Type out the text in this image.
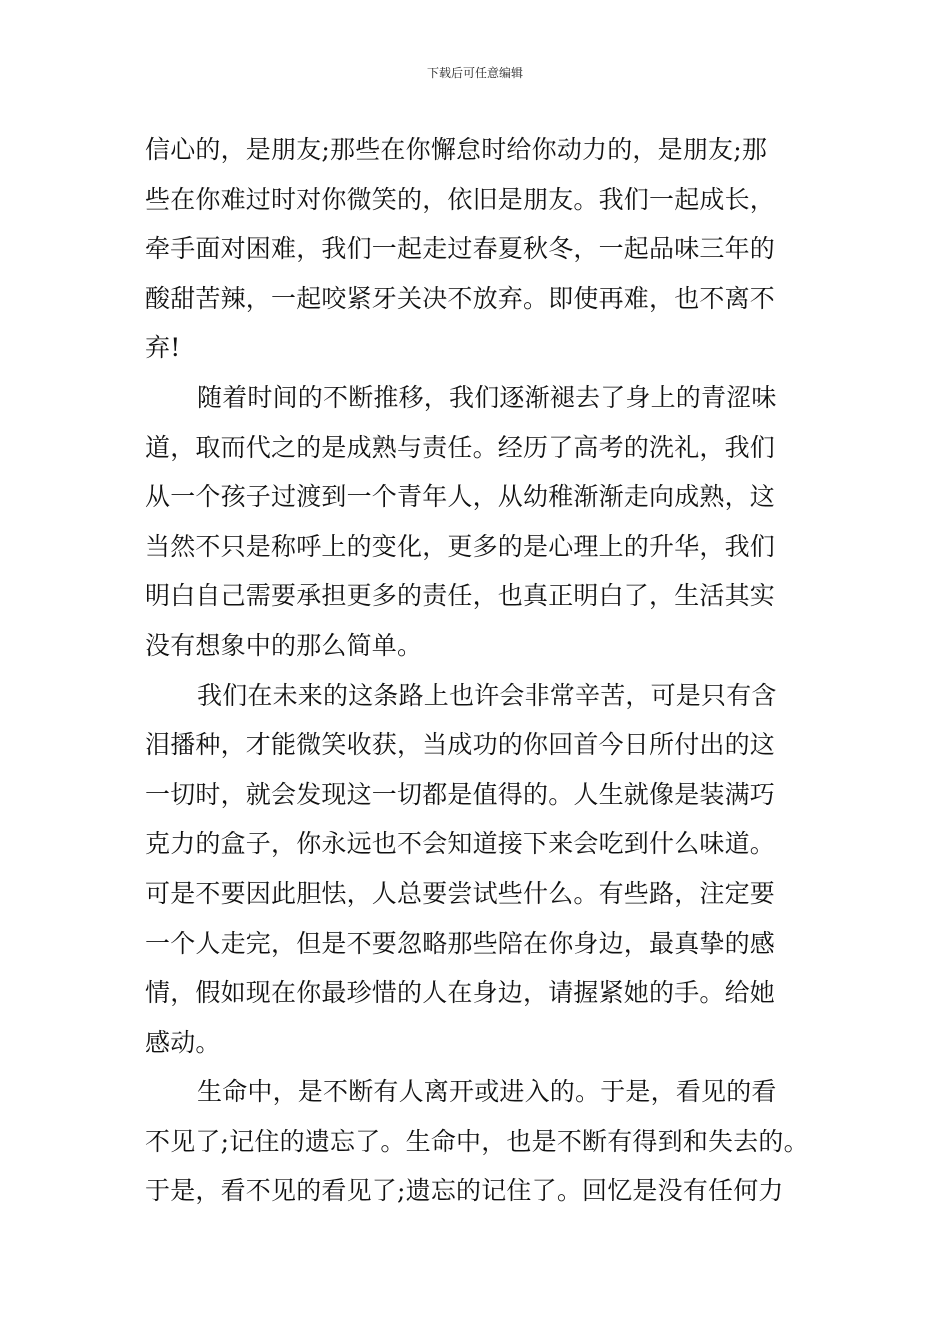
下载后可任意编辑
信心的，是朋友;那些在你懈怠时给你动力的，是朋友;那
些在你难过时对你微笑的，依旧是朋友。我们一起成长，
牵手面对困难，我们一起走过春夏秋冬，一起品味三年的
酸甜苦辣，一起咬紧牙关决不放弃。即使再难，也不离不
弃!
随着时间的不断推移，我们逐渐褪去了身上的青涩味
道，取而代之的是成熟与责任。经历了高考的洗礼，我们
从一个孩子过渡到一个青年人，从幼稚渐渐走向成熟，这
当然不只是称呼上的变化，更多的是心理上的升华，我们
明白自己需要承担更多的责任，也真正明白了，生活其实
没有想象中的那么简单。
我们在未来的这条路上也许会非常辛苦，可是只有含
泪播种，才能微笑收获，当成功的你回首今日所付出的这
一切时，就会发现这一切都是值得的。人生就像是装满巧
克力的盒子，你永远也不会知道接下来会吃到什么味道。
可是不要因此胆怯，人总要尝试些什么。有些路，注定要
一个人走完，但是不要忽略那些陪在你身边，最真挚的感
情，假如现在你最珍惜的人在身边，请握紧她的手。给她
感动。
生命中，是不断有人离开或进入的。于是，看见的看
不见了;记住的遗忘了。生命中，也是不断有得到和失去的。
于是，看不见的看见了;遗忘的记住了。回忆是没有任何力
